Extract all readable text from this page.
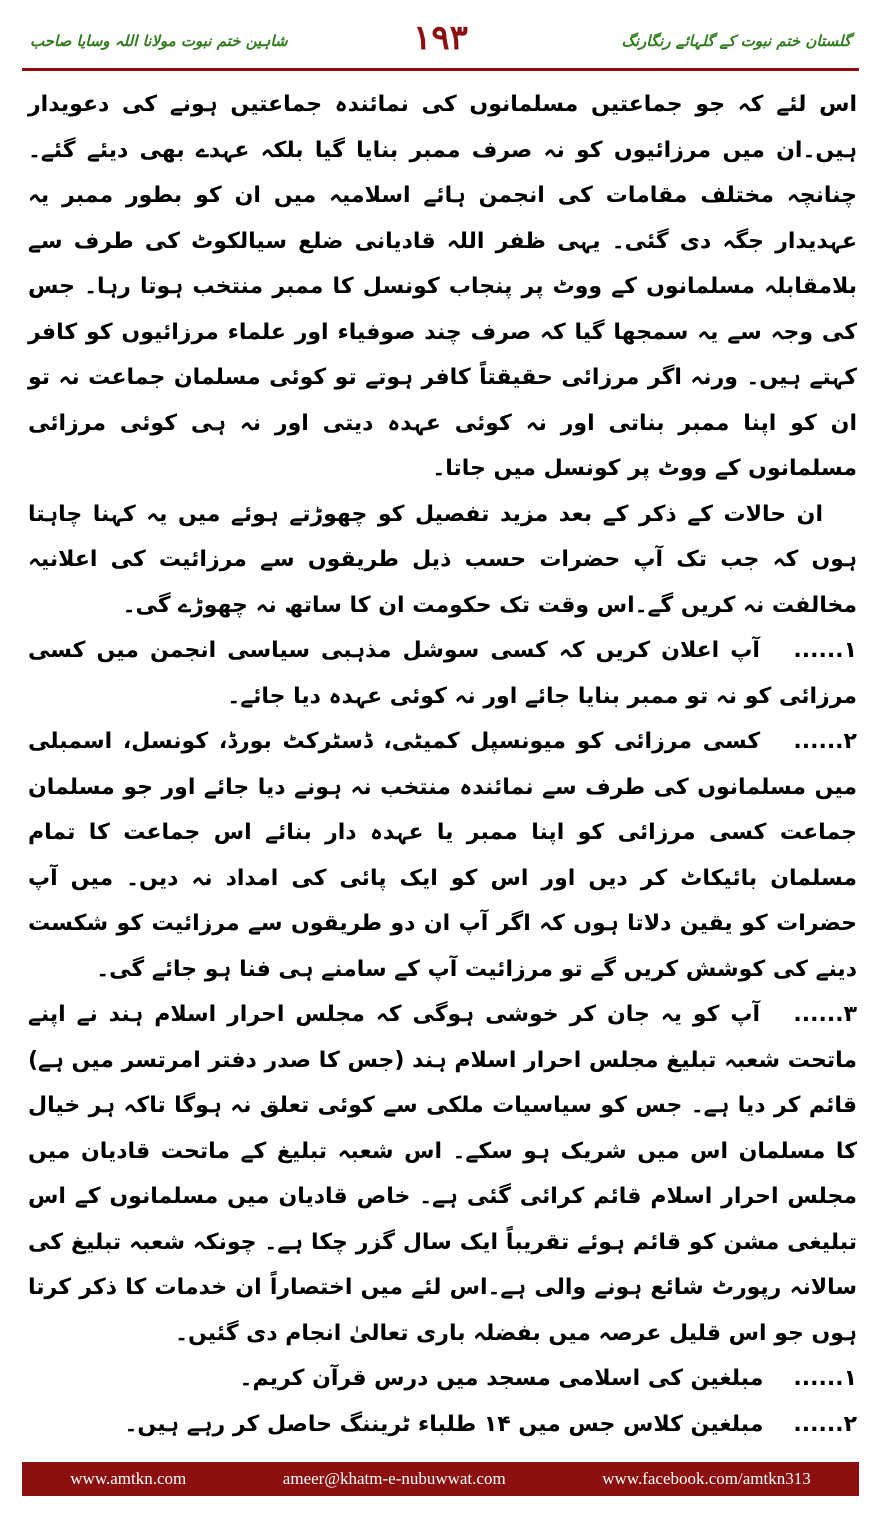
گلستان ختم نبوت کے گلہائے رنگارنگ
۱۹۳
شاہین ختم نبوت مولانا اللہ وسایا صاحب

اس لئے کہ جو جماعتیں مسلمانوں کی نمائندہ جماعتیں ہونے کی دعویدار ہیں۔ان میں مرزائیوں کو نہ صرف ممبر بنایا گیا بلکہ عہدے بھی دیئے گئے۔ چنانچہ مختلف مقامات کی انجمن ہائے اسلامیہ میں ان کو بطور ممبر یہ عہدیدار جگہ دی گئی۔ یہی ظفر اللہ قادیانی ضلع سیالکوٹ کی طرف سے بلامقابلہ مسلمانوں کے ووٹ پر پنجاب کونسل کا ممبر منتخب ہوتا رہا۔ جس کی وجہ سے یہ سمجھا گیا کہ صرف چند صوفیاء اور علماء مرزائیوں کو کافر کہتے ہیں۔ ورنہ اگر مرزائی حقیقتاً کافر ہوتے تو کوئی مسلمان جماعت نہ تو ان کو اپنا ممبر بناتی اور نہ کوئی عہدہ دیتی اور نہ ہی کوئی مرزائی مسلمانوں کے ووٹ پر کونسل میں جاتا۔

ان حالات کے ذکر کے بعد مزید تفصیل کو چھوڑتے ہوئے میں یہ کہنا چاہتا ہوں کہ جب تک آپ حضرات حسب ذیل طریقوں سے مرزائیت کی اعلانیہ مخالفت نہ کریں گے۔اس وقت تک حکومت ان کا ساتھ نہ چھوڑے گی۔

۱...... آپ اعلان کریں کہ کسی سوشل مذہبی سیاسی انجمن میں کسی مرزائی کو نہ تو ممبر بنایا جائے اور نہ کوئی عہدہ دیا جائے۔

۲...... کسی مرزائی کو میونسپل کمیٹی، ڈسٹرکٹ بورڈ، کونسل، اسمبلی میں مسلمانوں کی طرف سے نمائندہ منتخب نہ ہونے دیا جائے اور جو مسلمان جماعت کسی مرزائی کو اپنا ممبر یا عہدہ دار بنائے اس جماعت کا تمام مسلمان بائیکاٹ کر دیں اور اس کو ایک پائی کی امداد نہ دیں۔ میں آپ حضرات کو یقین دلاتا ہوں کہ اگر آپ ان دو طریقوں سے مرزائیت کو شکست دینے کی کوشش کریں گے تو مرزائیت آپ کے سامنے ہی فنا ہو جائے گی۔

۳...... آپ کو یہ جان کر خوشی ہوگی کہ مجلس احرار اسلام ہند نے اپنے ماتحت شعبہ تبلیغ مجلس احرار اسلام ہند (جس کا صدر دفتر امرتسر میں ہے) قائم کر دیا ہے۔ جس کو سیاسیات ملکی سے کوئی تعلق نہ ہوگا تاکہ ہر خیال کا مسلمان اس میں شریک ہو سکے۔ اس شعبہ تبلیغ کے ماتحت قادیان میں مجلس احرار اسلام قائم کرائی گئی ہے۔ خاص قادیان میں مسلمانوں کے اس تبلیغی مشن کو قائم ہوئے تقریباً ایک سال گزر چکا ہے۔ چونکہ شعبہ تبلیغ کی سالانہ رپورٹ شائع ہونے والی ہے۔اس لئے میں اختصاراً ان خدمات کا ذکر کرتا ہوں جو اس قلیل عرصہ میں بفضلہ باری تعالیٰ انجام دی گئیں۔

۱...... مبلغین کی اسلامی مسجد میں درس قرآن کریم۔

۲...... مبلغین کلاس جس میں ۱۴ طلباء ٹریننگ حاصل کر رہے ہیں۔

www.amtkn.com	ameer@khatm-e-nubuwwat.com	www.facebook.com/amtkn313
